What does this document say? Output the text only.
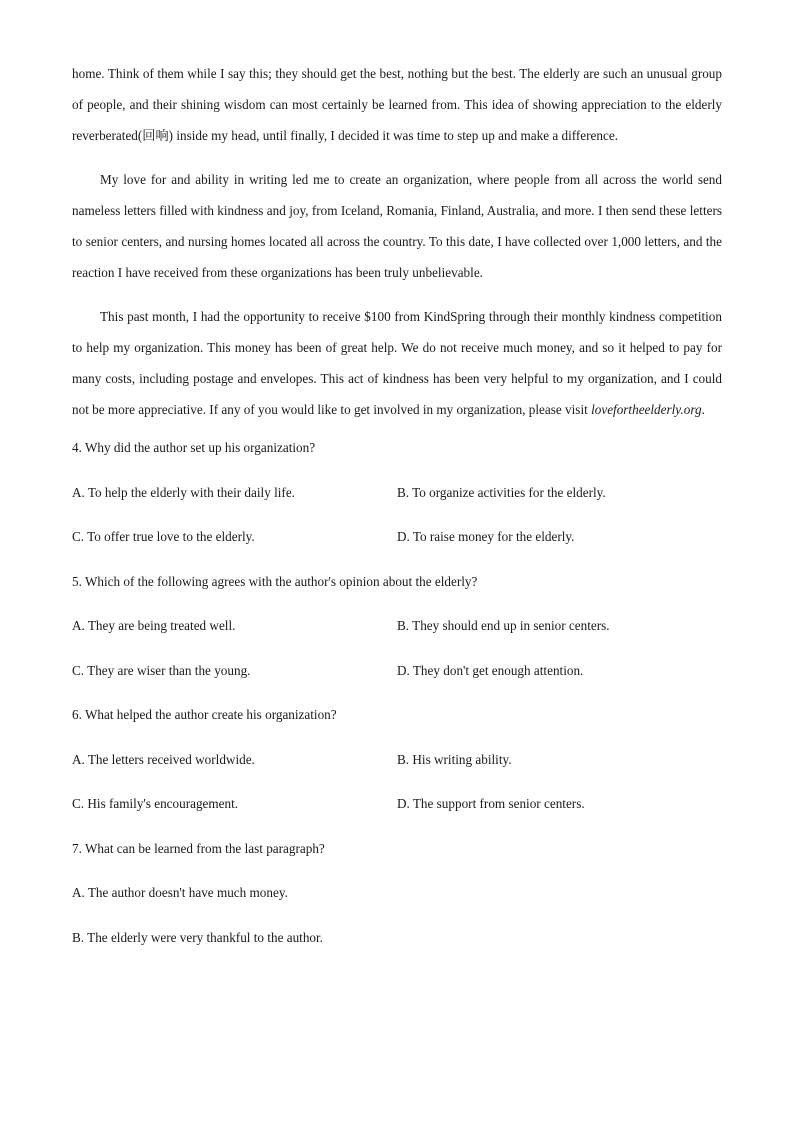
home. Think of them while I say this; they should get the best, nothing but the best. The elderly are such an unusual group of people, and their shining wisdom can most certainly be learned from. This idea of showing appreciation to the elderly reverberated(回响) inside my head, until finally, I decided it was time to step up and make a difference.

My love for and ability in writing led me to create an organization, where people from all across the world send nameless letters filled with kindness and joy, from Iceland, Romania, Finland, Australia, and more. I then send these letters to senior centers, and nursing homes located all across the country. To this date, I have collected over 1,000 letters, and the reaction I have received from these organizations has been truly unbelievable.

This past month, I had the opportunity to receive $100 from KindSpring through their monthly kindness competition to help my organization. This money has been of great help. We do not receive much money, and so it helped to pay for many costs, including postage and envelopes. This act of kindness has been very helpful to my organization, and I could not be more appreciative. If any of you would like to get involved in my organization, please visit lovefortheelderly.org.

4. Why did the author set up his organization?
A. To help the elderly with their daily life.	B. To organize activities for the elderly.
C. To offer true love to the elderly.	D. To raise money for the elderly.
5. Which of the following agrees with the author's opinion about the elderly?
A. They are being treated well.	B. They should end up in senior centers.
C. They are wiser than the young.	D. They don't get enough attention.
6. What helped the author create his organization?
A. The letters received worldwide.	B. His writing ability.
C. His family's encouragement.	D. The support from senior centers.
7. What can be learned from the last paragraph?
A. The author doesn't have much money.
B. The elderly were very thankful to the author.
